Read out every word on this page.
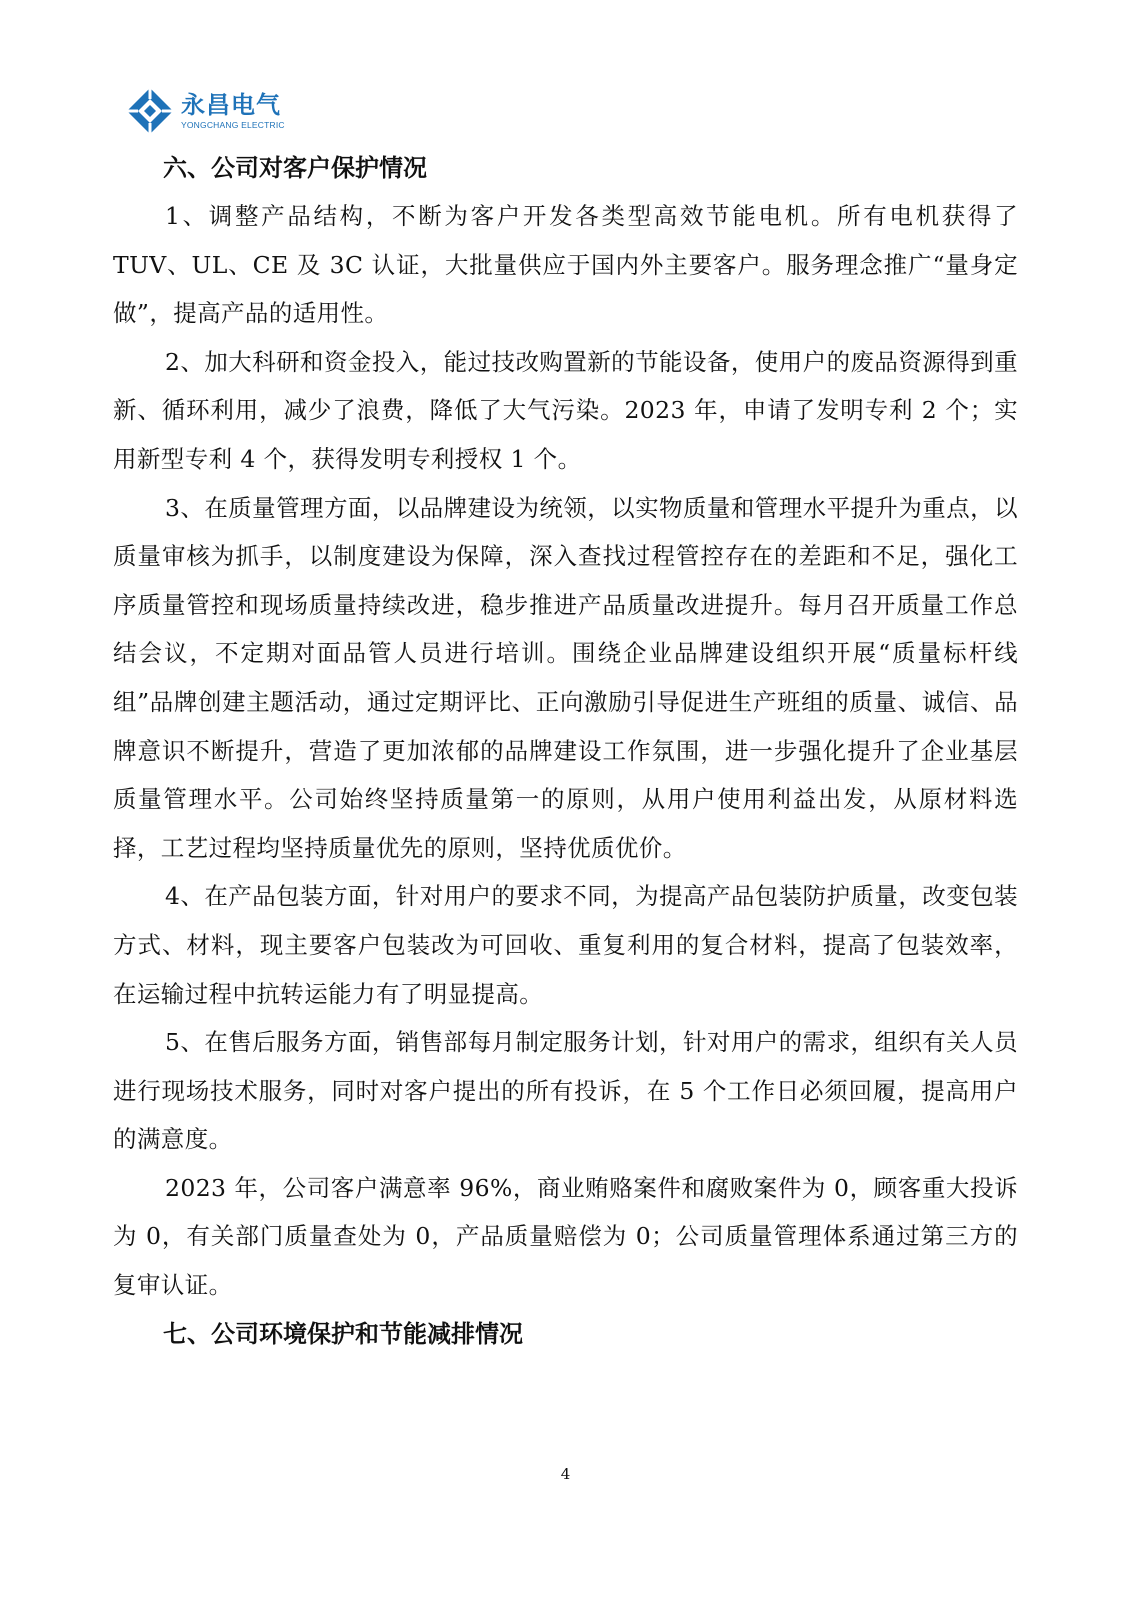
永昌电气
YONGCHANG ELECTRIC
六、公司对客户保护情况

1、调整产品结构，不断为客户开发各类型高效节能电机。所有电机获得了 TUV、UL、CE 及 3C 认证，大批量供应于国内外主要客户。服务理念推广“量身定做”，提高产品的适用性。

2、加大科研和资金投入，能过技改购置新的节能设备，使用户的废品资源得到重新、循环利用，减少了浪费，降低了大气污染。2023 年，申请了发明专利 2 个；实用新型专利 4 个，获得发明专利授权 1 个。

3、在质量管理方面，以品牌建设为统领，以实物质量和管理水平提升为重点，以质量审核为抓手，以制度建设为保障，深入查找过程管控存在的差距和不足，强化工序质量管控和现场质量持续改进，稳步推进产品质量改进提升。每月召开质量工作总结会议，不定期对面品管人员进行培训。围绕企业品牌建设组织开展“质量标杆线组”品牌创建主题活动，通过定期评比、正向激励引导促进生产班组的质量、诚信、品牌意识不断提升，营造了更加浓郁的品牌建设工作氛围，进一步强化提升了企业基层质量管理水平。公司始终坚持质量第一的原则，从用户使用利益出发，从原材料选择，工艺过程均坚持质量优先的原则，坚持优质优价。

4、在产品包装方面，针对用户的要求不同，为提高产品包装防护质量，改变包装方式、材料，现主要客户包装改为可回收、重复利用的复合材料，提高了包装效率，在运输过程中抗转运能力有了明显提高。

5、在售后服务方面，销售部每月制定服务计划，针对用户的需求，组织有关人员进行现场技术服务，同时对客户提出的所有投诉，在 5 个工作日必须回履，提高用户的满意度。

2023 年，公司客户满意率 96%，商业贿赂案件和腐败案件为 0，顾客重大投诉为 0，有关部门质量查处为 0，产品质量赔偿为 0；公司质量管理体系通过第三方的复审认证。

七、公司环境保护和节能减排情况
4
